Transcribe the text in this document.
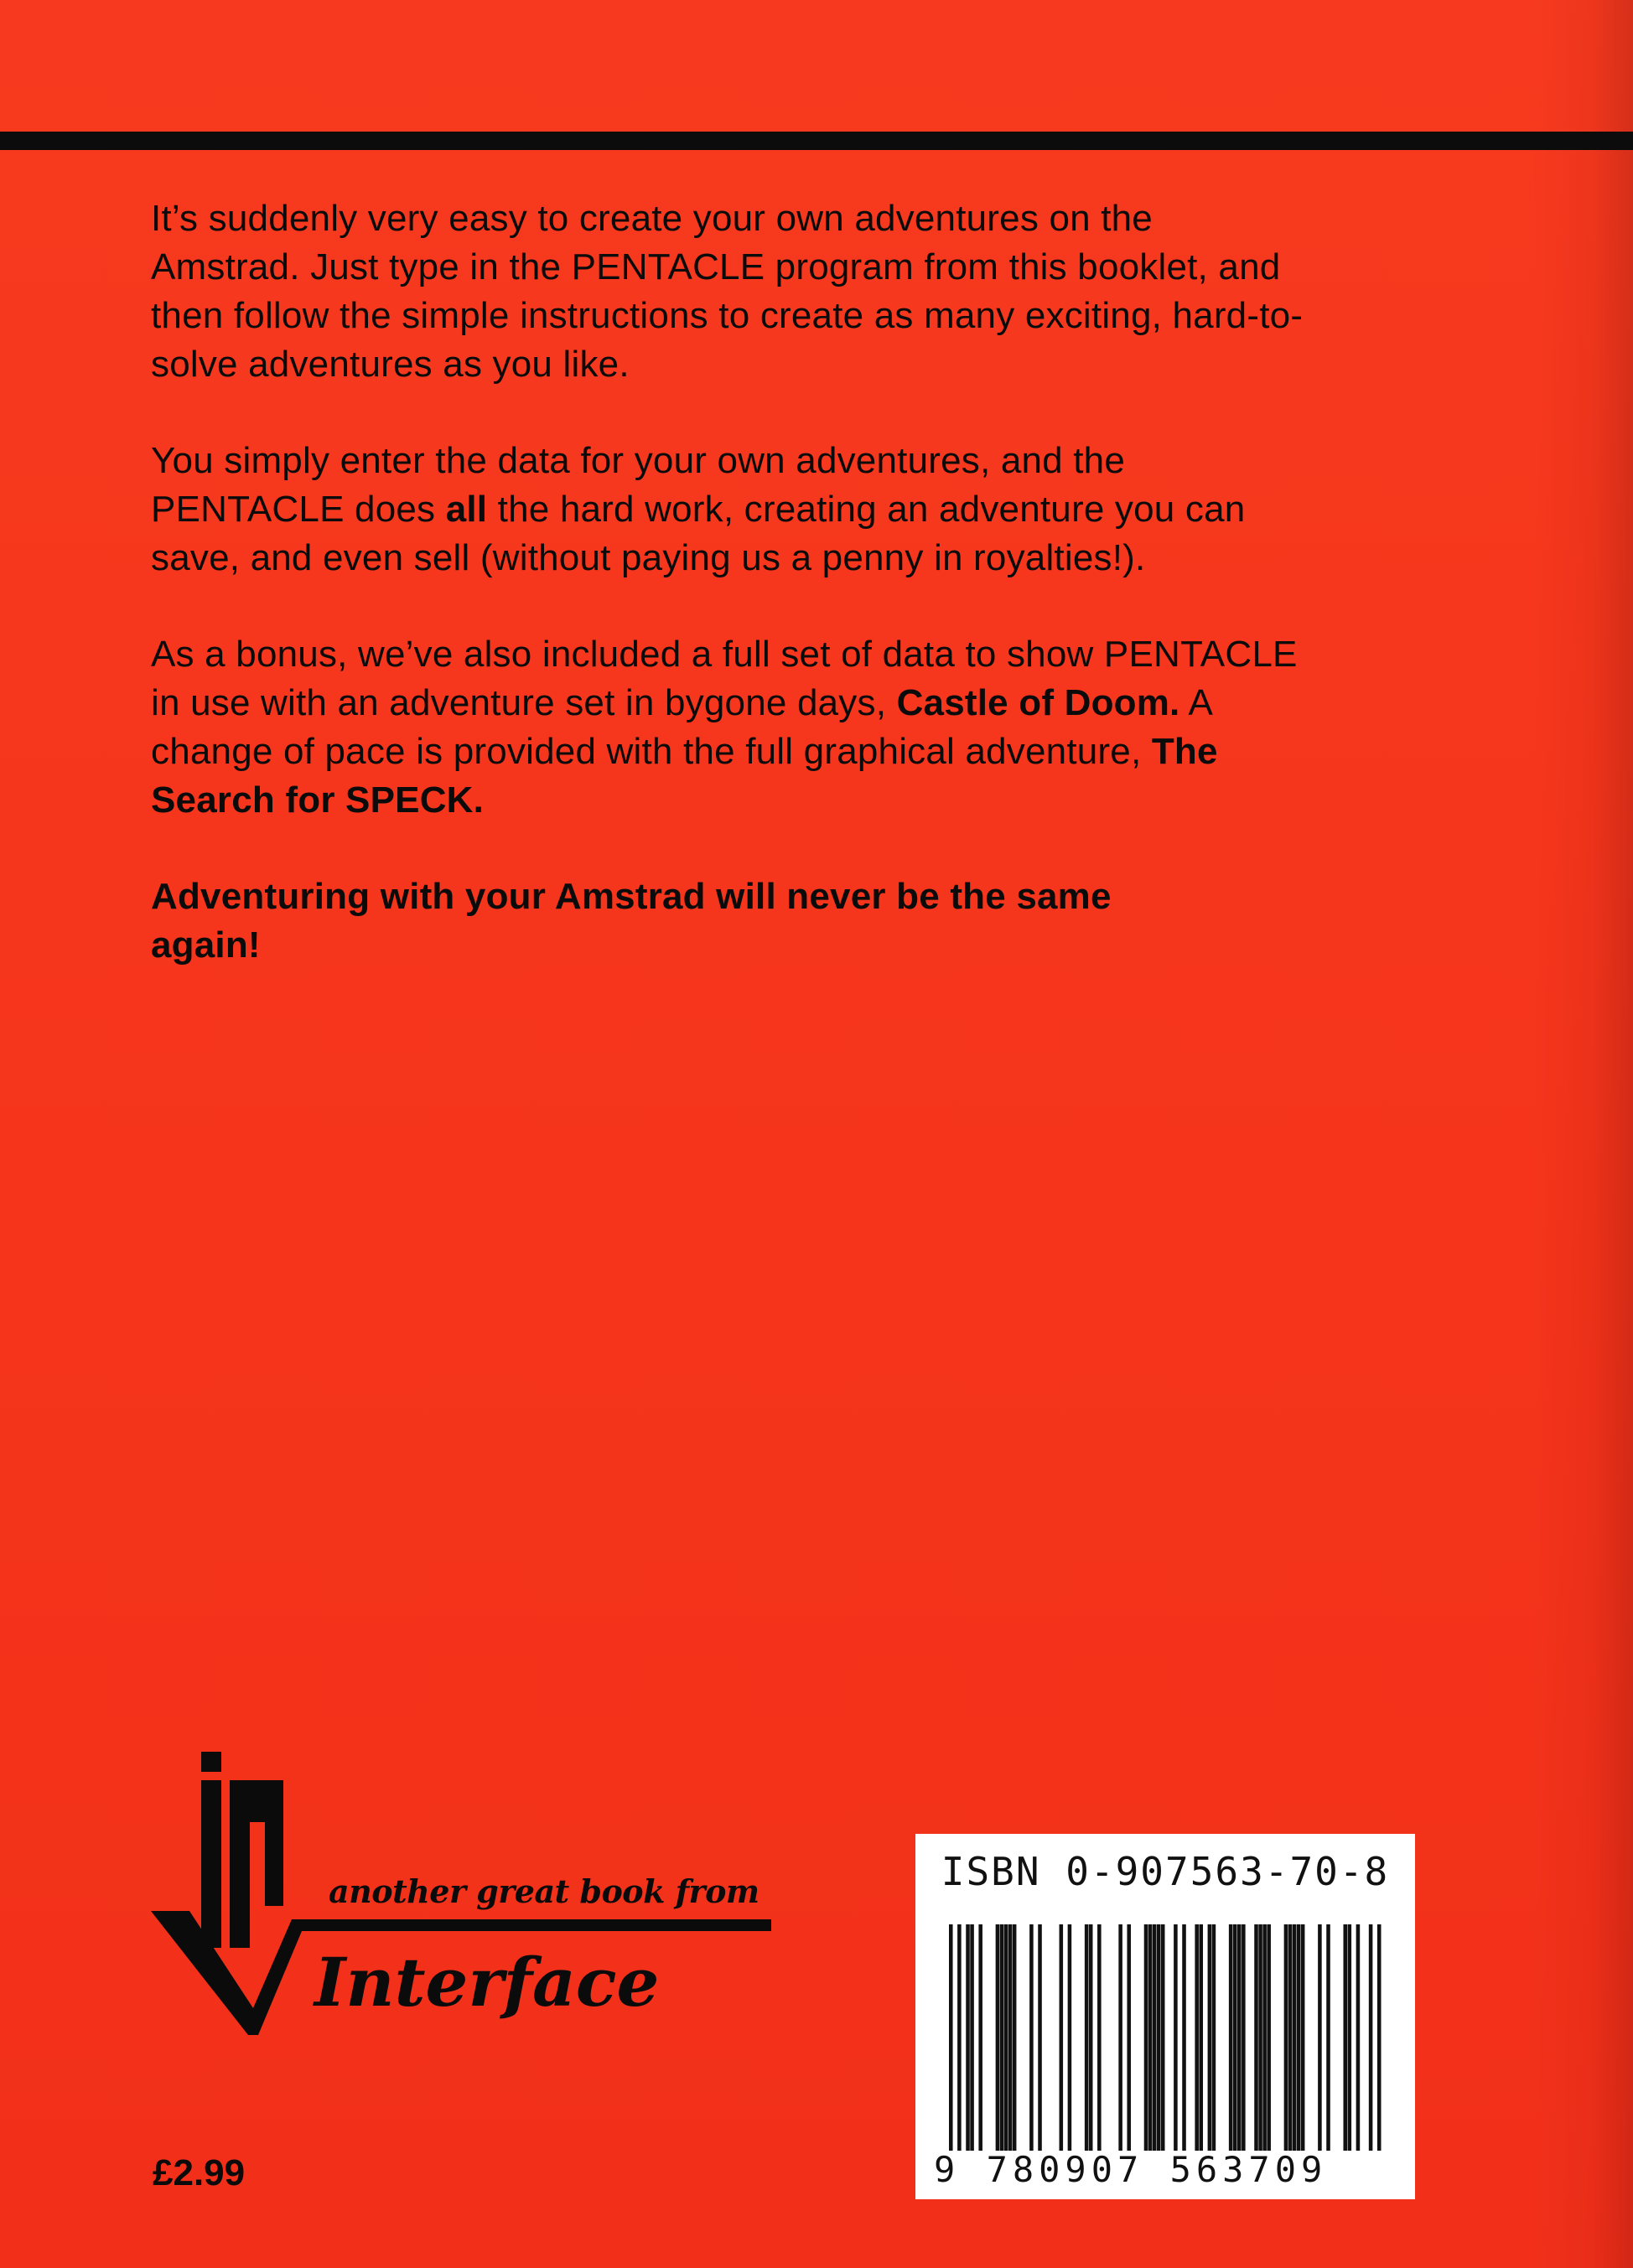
It’s suddenly very easy to create your own adventures on the Amstrad. Just type in the PENTACLE program from this booklet, and then follow the simple instructions to create as many exciting, hard-to-solve adventures as you like.

You simply enter the data for your own adventures, and the PENTACLE does all the hard work, creating an adventure you can save, and even sell (without paying us a penny in royalties!).

As a bonus, we’ve also included a full set of data to show PENTACLE in use with an adventure set in bygone days, Castle of Doom. A change of pace is provided with the full graphical adventure, The Search for SPECK.

Adventuring with your Amstrad will never be the same again!

another great book from
Interface
£2.99
ISBN 0-907563-70-8
9 780907 563709
